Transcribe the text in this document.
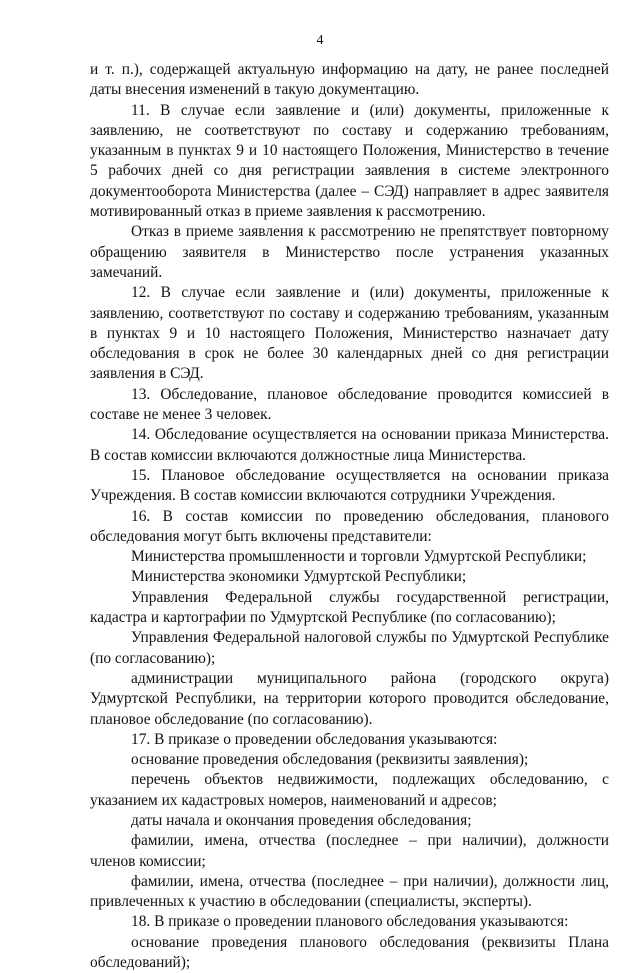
4

и т. п.), содержащей актуальную информацию на дату, не ранее последней даты внесения изменений в такую документацию.

11. В случае если заявление и (или) документы, приложенные к заявлению, не соответствуют по составу и содержанию требованиям, указанным в пунктах 9 и 10 настоящего Положения, Министерство в течение 5 рабочих дней со дня регистрации заявления в системе электронного документооборота Министерства (далее – СЭД) направляет в адрес заявителя мотивированный отказ в приеме заявления к рассмотрению.

Отказ в приеме заявления к рассмотрению не препятствует повторному обращению заявителя в Министерство после устранения указанных замечаний.

12. В случае если заявление и (или) документы, приложенные к заявлению, соответствуют по составу и содержанию требованиям, указанным в пунктах 9 и 10 настоящего Положения, Министерство назначает дату обследования в срок не более 30 календарных дней со дня регистрации заявления в СЭД.

13. Обследование, плановое обследование проводится комиссией в составе не менее 3 человек.

14. Обследование осуществляется на основании приказа Министерства. В состав комиссии включаются должностные лица Министерства.

15. Плановое обследование осуществляется на основании приказа Учреждения. В состав комиссии включаются сотрудники Учреждения.

16. В состав комиссии по проведению обследования, планового обследования могут быть включены представители:

Министерства промышленности и торговли Удмуртской Республики;

Министерства экономики Удмуртской Республики;

Управления Федеральной службы государственной регистрации, кадастра и картографии по Удмуртской Республике (по согласованию);

Управления Федеральной налоговой службы по Удмуртской Республике (по согласованию);

администрации муниципального района (городского округа) Удмуртской Республики, на территории которого проводится обследование, плановое обследование (по согласованию).

17. В приказе о проведении обследования указываются:

основание проведения обследования (реквизиты заявления);

перечень объектов недвижимости, подлежащих обследованию, с указанием их кадастровых номеров, наименований и адресов;

даты начала и окончания проведения обследования;

фамилии, имена, отчества (последнее – при наличии), должности членов комиссии;

фамилии, имена, отчества (последнее – при наличии), должности лиц, привлеченных к участию в обследовании (специалисты, эксперты).

18. В приказе о проведении планового обследования указываются:

основание проведения планового обследования (реквизиты Плана обследований);
